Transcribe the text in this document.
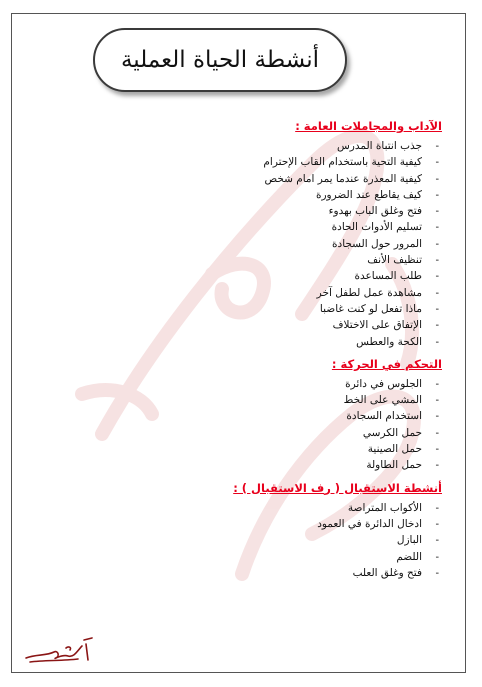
أنشطة الحياة العملية
الآداب والمجاملات العامة :
- جذب انتباة المدرس
- كيفية التحية باستخدام القاب الإحترام
- كيفية المعذرة عندما يمر امام شخص
- كيف يقاطع عند الضرورة
- فتح وغلق الباب بهدوء
- تسليم الأدوات الحادة
- المرور حول السجادة
- تنظيف الأنف
- طلب المساعدة
- مشاهدة عمل لطفل آخر
- ماذا تفعل لو كنت غاضبا
- الإتفاق على الاختلاف
- الكحة والعطس
التحكم في الحركة :
- الجلوس في دائرة
- المشي على الخط
- استخدام السجادة
- حمل الكرسي
- حمل الصينية
- حمل الطاولة
أنشطة الاستقبال ( رف الاستقبال ) :
- الأكواب المتراصة
- ادخال الدائرة في العمود
- البازل
- اللضم
- فتح وغلق العلب
